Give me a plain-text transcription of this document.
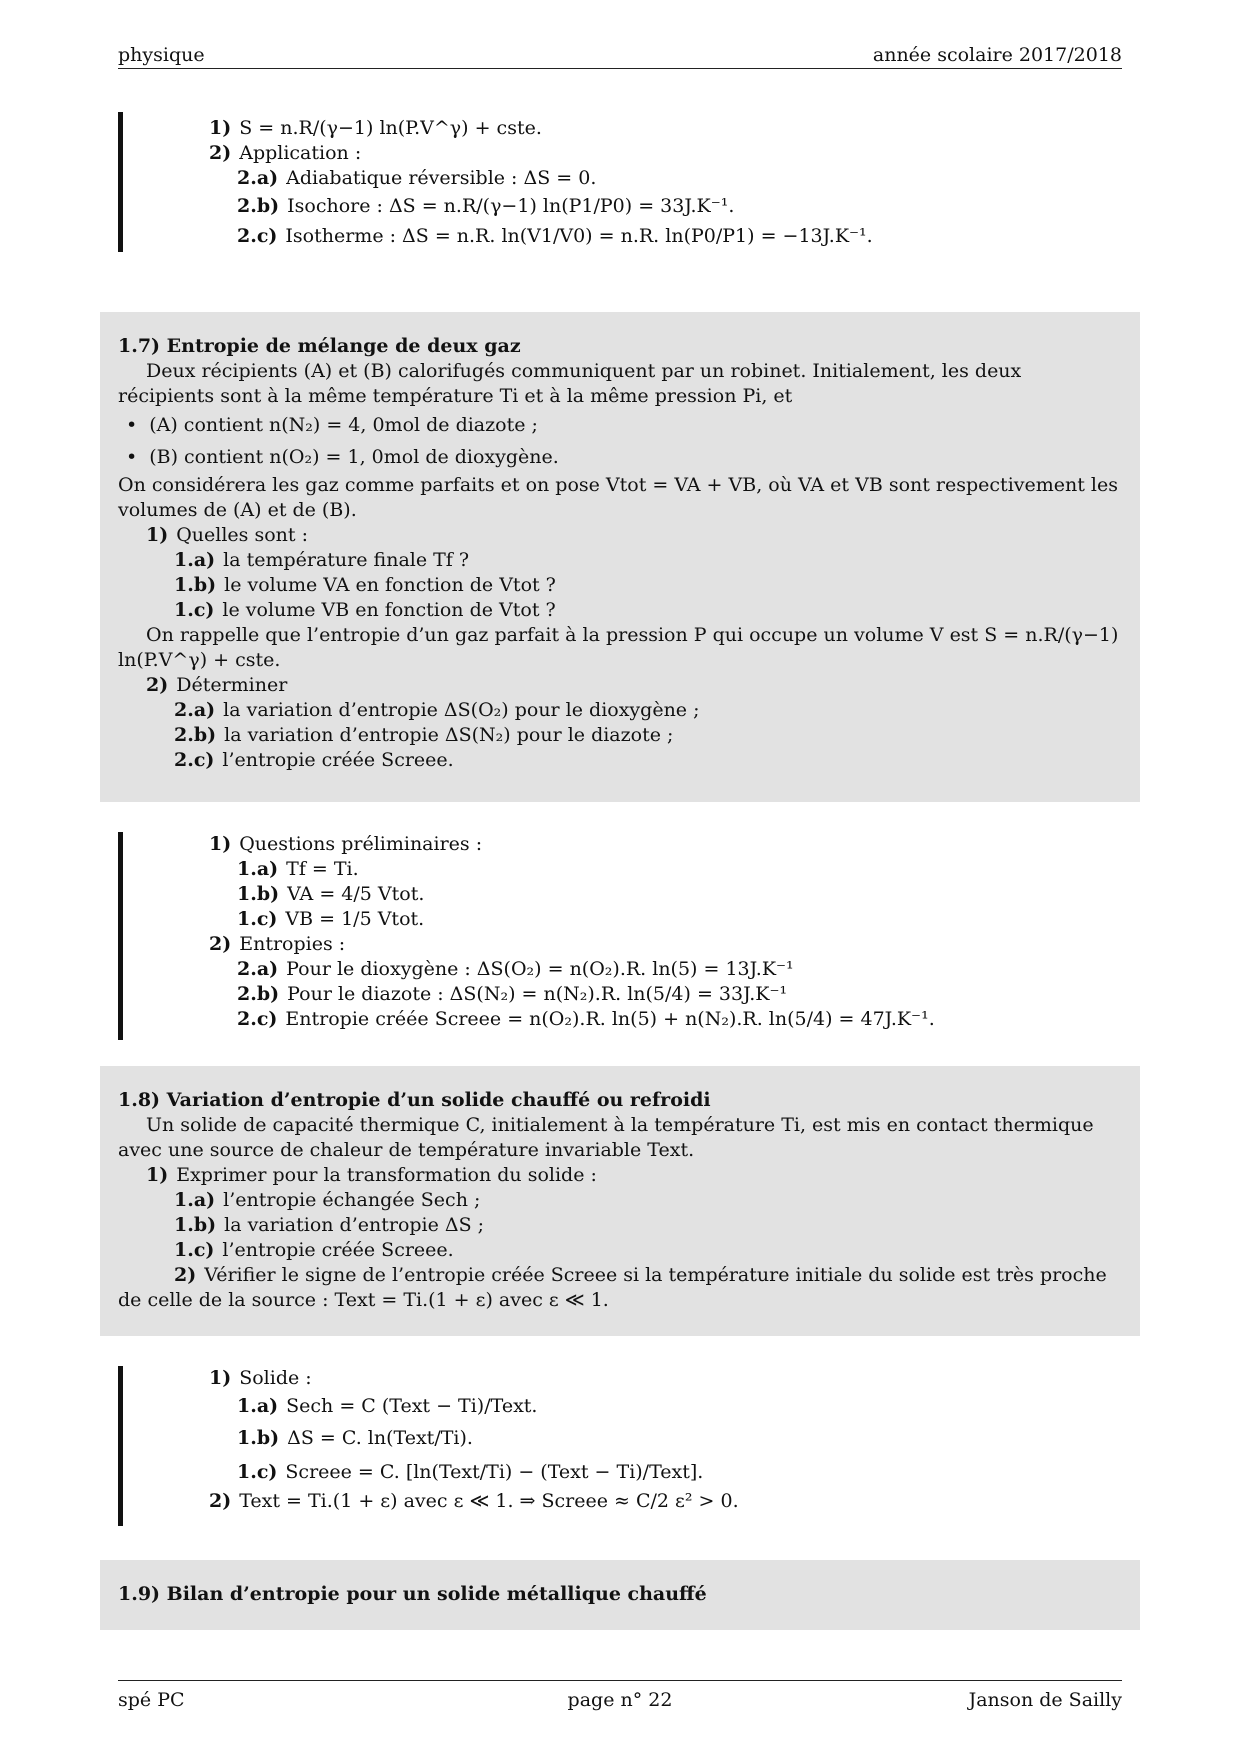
physique	année scolaire 2017/2018
1) S = n.R/(γ−1) ln(P.V^γ) + cste.
2) Application :
2.a) Adiabatique réversible : ΔS = 0.
2.b) Isochore : ΔS = n.R/(γ−1) ln(P1/P0) = 33J.K⁻¹.
2.c) Isotherme : ΔS = n.R. ln(V1/V0) = n.R. ln(P0/P1) = −13J.K⁻¹.
1.7) Entropie de mélange de deux gaz
Deux récipients (A) et (B) calorifugés communiquent par un robinet. Initialement, les deux récipients sont à la même température Ti et à la même pression Pi, et
• (A) contient n(N₂) = 4, 0mol de diazote ;
• (B) contient n(O₂) = 1, 0mol de dioxygène.
On considérera les gaz comme parfaits et on pose Vtot = VA + VB, où VA et VB sont respectivement les volumes de (A) et de (B).
1) Quelles sont :
1.a) la température finale Tf ?
1.b) le volume VA en fonction de Vtot ?
1.c) le volume VB en fonction de Vtot ?
On rappelle que l’entropie d’un gaz parfait à la pression P qui occupe un volume V est S = n.R/(γ−1) ln(P.V^γ) + cste.
2) Déterminer
2.a) la variation d’entropie ΔS(O₂) pour le dioxygène ;
2.b) la variation d’entropie ΔS(N₂) pour le diazote ;
2.c) l’entropie créée Screee.
1) Questions préliminaires :
1.a) Tf = Ti.
1.b) VA = 4/5 Vtot.
1.c) VB = 1/5 Vtot.
2) Entropies :
2.a) Pour le dioxygène : ΔS(O₂) = n(O₂).R. ln(5) = 13J.K⁻¹
2.b) Pour le diazote : ΔS(N₂) = n(N₂).R. ln(5/4) = 33J.K⁻¹
2.c) Entropie créée Screee = n(O₂).R. ln(5) + n(N₂).R. ln(5/4) = 47J.K⁻¹.
1.8) Variation d’entropie d’un solide chauffé ou refroidi
Un solide de capacité thermique C, initialement à la température Ti, est mis en contact thermique avec une source de chaleur de température invariable Text.
1) Exprimer pour la transformation du solide :
1.a) l’entropie échangée Sech ;
1.b) la variation d’entropie ΔS ;
1.c) l’entropie créée Screee.
2) Vérifier le signe de l’entropie créée Screee si la température initiale du solide est très proche de celle de la source : Text = Ti.(1 + ε) avec ε ≪ 1.
1) Solide :
1.a) Sech = C (Text − Ti)/Text.
1.b) ΔS = C. ln(Text/Ti).
1.c) Screee = C. [ln(Text/Ti) − (Text − Ti)/Text].
2) Text = Ti.(1 + ε) avec ε ≪ 1. ⇒ Screee ≈ C/2 ε² > 0.
1.9) Bilan d’entropie pour un solide métallique chauffé
spé PC	page n° 22	Janson de Sailly
